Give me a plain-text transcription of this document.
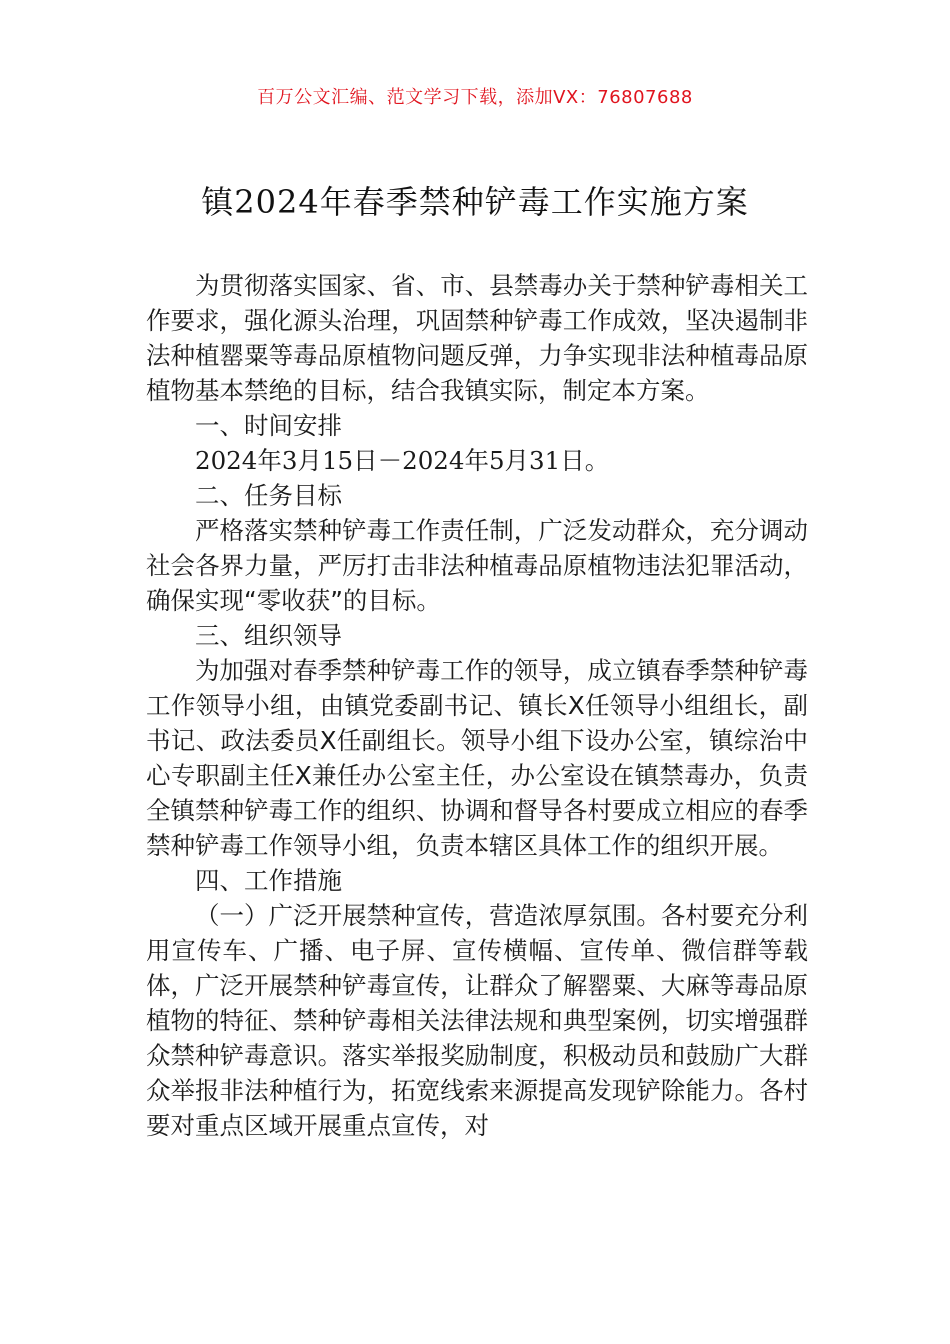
百万公文汇编、范文学习下载，添加VX：76807688
镇2024年春季禁种铲毒工作实施方案

为贯彻落实国家、省、市、县禁毒办关于禁种铲毒相关工作要求，强化源头治理，巩固禁种铲毒工作成效，坚决遏制非法种植罂粟等毒品原植物问题反弹，力争实现非法种植毒品原植物基本禁绝的目标，结合我镇实际，制定本方案。

一、时间安排

2024年3月15日－2024年5月31日。

二、任务目标

严格落实禁种铲毒工作责任制，广泛发动群众，充分调动社会各界力量，严厉打击非法种植毒品原植物违法犯罪活动，确保实现“零收获”的目标。

三、组织领导

为加强对春季禁种铲毒工作的领导，成立镇春季禁种铲毒工作领导小组，由镇党委副书记、镇长X任领导小组组长，副书记、政法委员X任副组长。领导小组下设办公室，镇综治中心专职副主任X兼任办公室主任，办公室设在镇禁毒办，负责全镇禁种铲毒工作的组织、协调和督导各村要成立相应的春季禁种铲毒工作领导小组，负责本辖区具体工作的组织开展。

四、工作措施

（一）广泛开展禁种宣传，营造浓厚氛围。各村要充分利用宣传车、广播、电子屏、宣传横幅、宣传单、微信群等载体，广泛开展禁种铲毒宣传，让群众了解罂粟、大麻等毒品原植物的特征、禁种铲毒相关法律法规和典型案例，切实增强群众禁种铲毒意识。落实举报奖励制度，积极动员和鼓励广大群众举报非法种植行为，拓宽线索来源提高发现铲除能力。各村要对重点区域开展重点宣传，对
